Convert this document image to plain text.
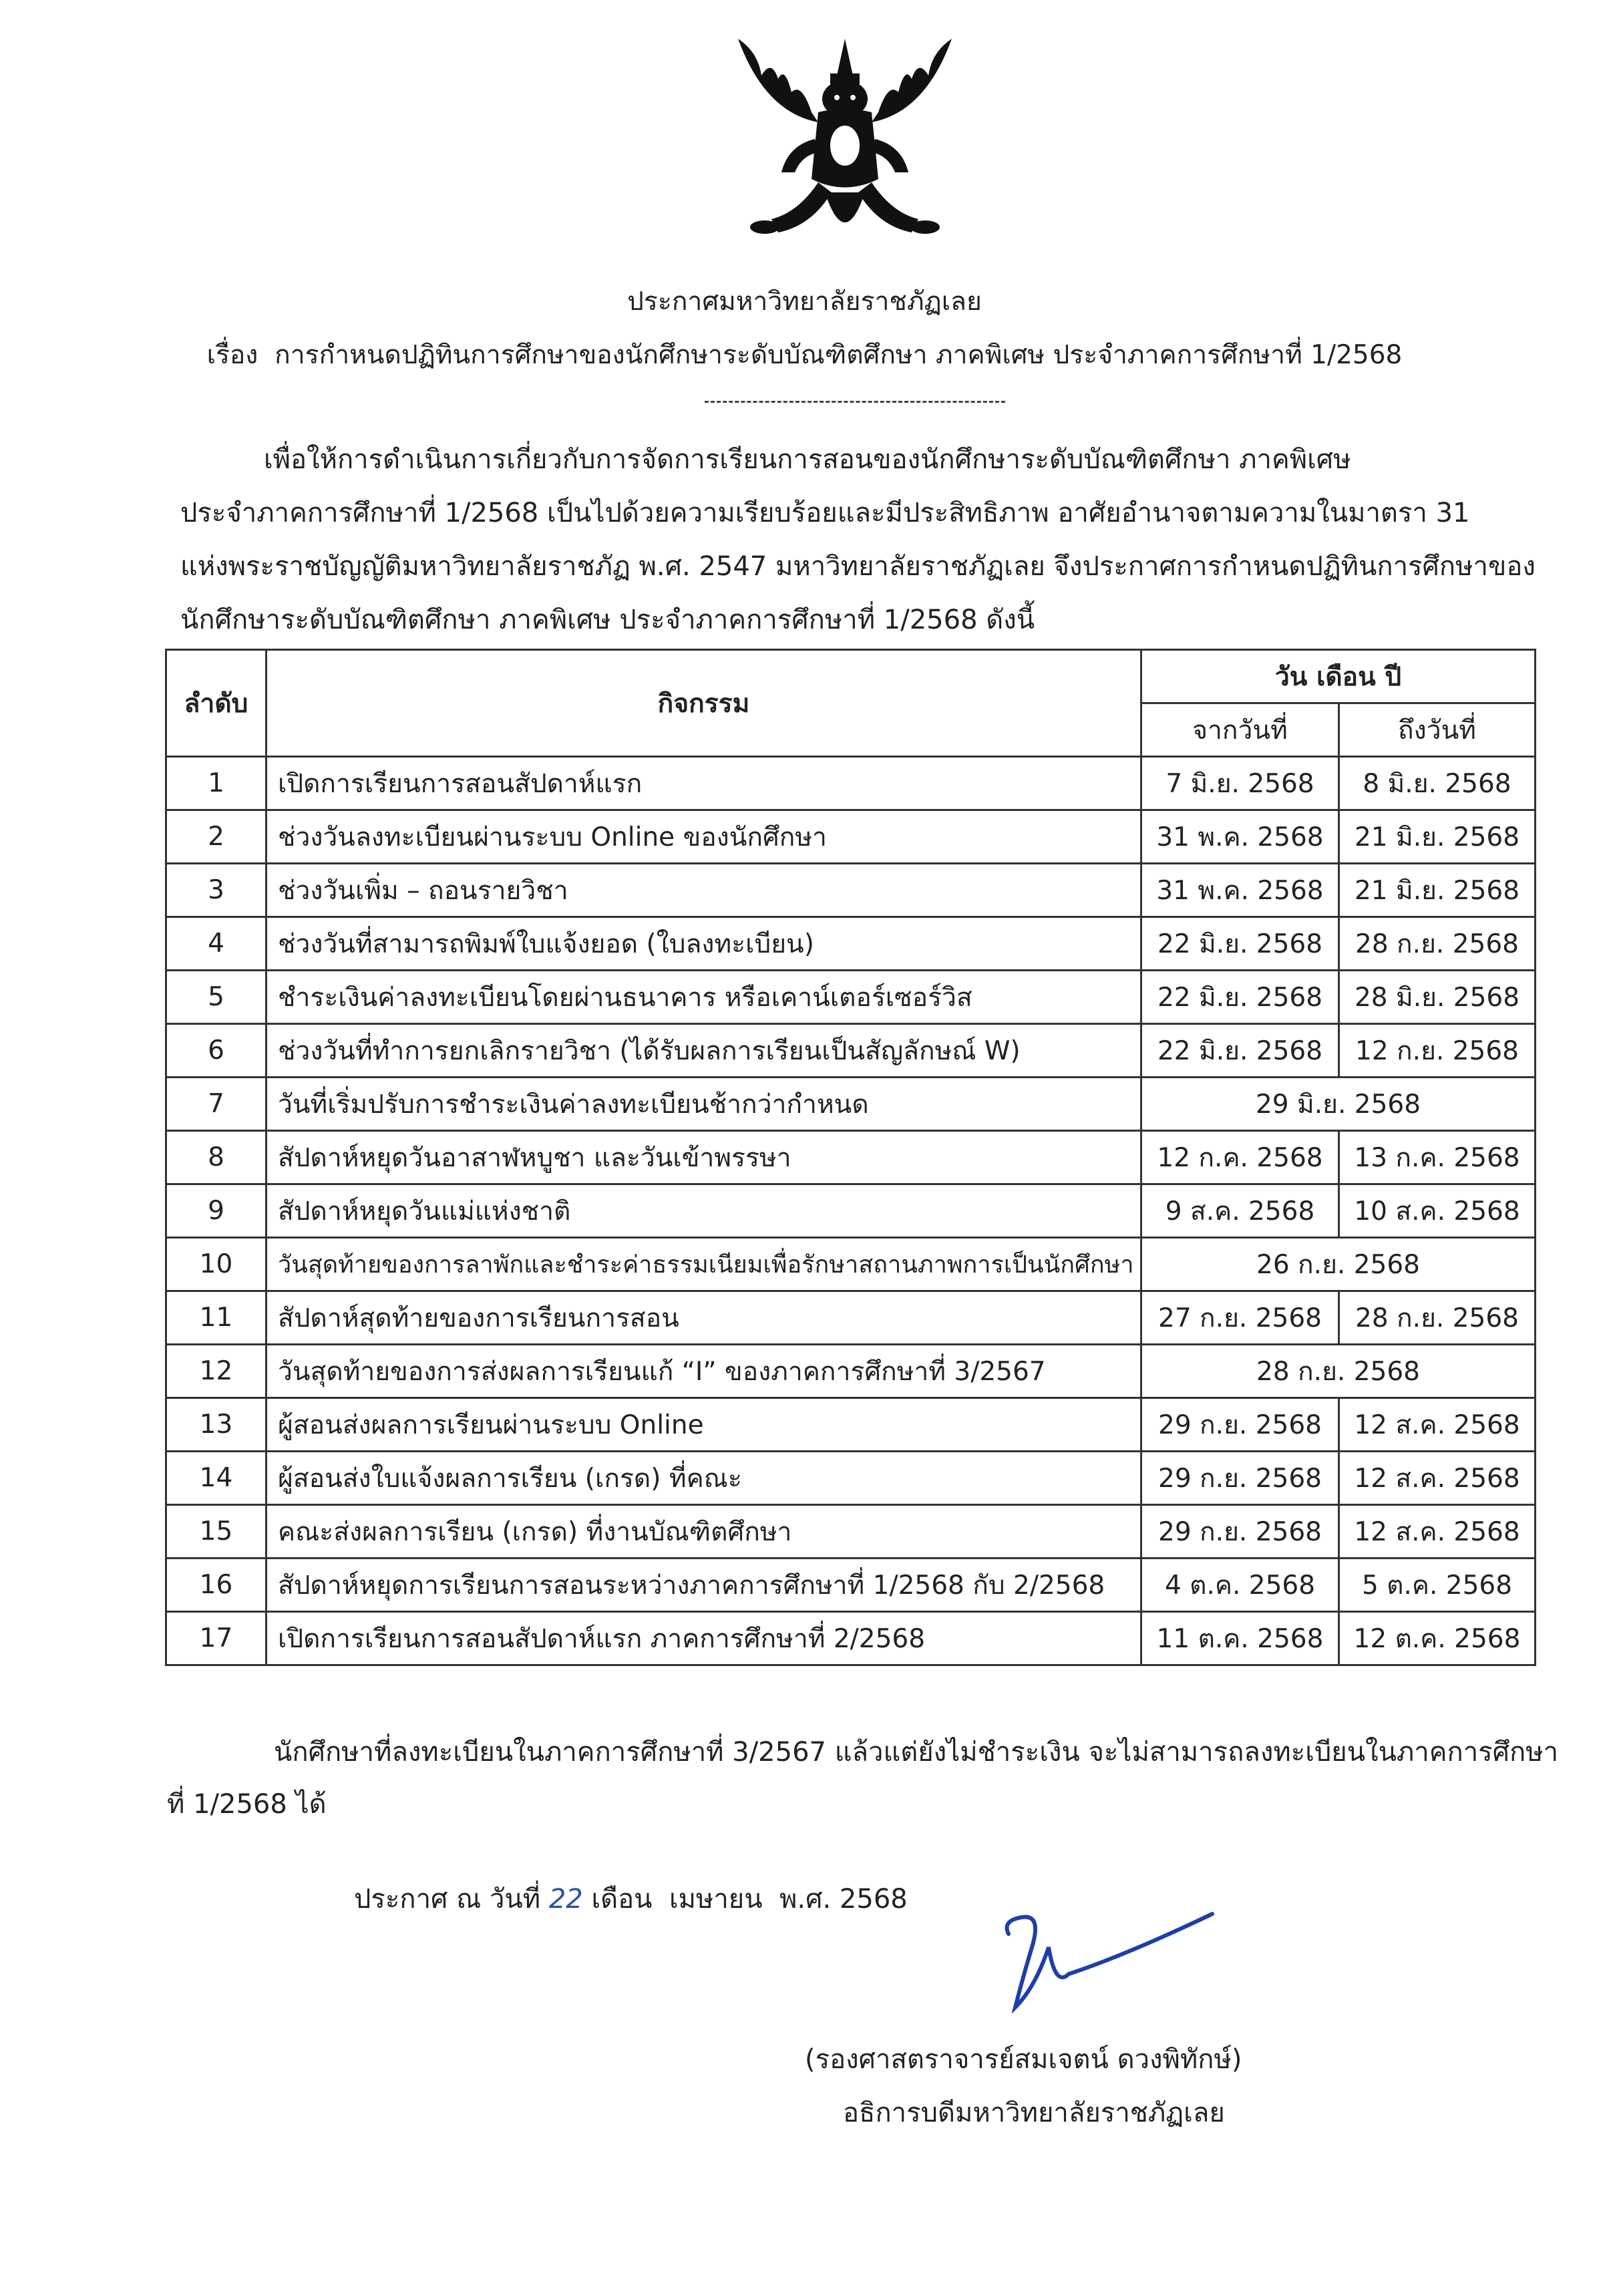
ประกาศมหาวิทยาลัยราชภัฏเลย
เรื่อง การกำหนดปฏิทินการศึกษาของนักศึกษาระดับบัณฑิตศึกษา ภาคพิเศษ ประจำภาคการศึกษาที่ 1/2568
เพื่อให้การดำเนินการเกี่ยวกับการจัดการเรียนการสอนของนักศึกษาระดับบัณฑิตศึกษา ภาคพิเศษ
ประจำภาคการศึกษาที่ 1/2568 เป็นไปด้วยความเรียบร้อยและมีประสิทธิภาพ อาศัยอำนาจตามความในมาตรา 31
แห่งพระราชบัญญัติมหาวิทยาลัยราชภัฏ พ.ศ. 2547 มหาวิทยาลัยราชภัฏเลย จึงประกาศการกำหนดปฏิทินการศึกษาของ
นักศึกษาระดับบัณฑิตศึกษา ภาคพิเศษ ประจำภาคการศึกษาที่ 1/2568 ดังนี้
ลำดับ	กิจกรรม	วัน เดือน ปี	
		จากวันที่	ถึงวันที่
1	เปิดการเรียนการสอนสัปดาห์แรก	7 มิ.ย. 2568	8 มิ.ย. 2568
2	ช่วงวันลงทะเบียนผ่านระบบ Online ของนักศึกษา	31 พ.ค. 2568	21 มิ.ย. 2568
3	ช่วงวันเพิ่ม – ถอนรายวิชา	31 พ.ค. 2568	21 มิ.ย. 2568
4	ช่วงวันที่สามารถพิมพ์ใบแจ้งยอด (ใบลงทะเบียน)	22 มิ.ย. 2568	28 ก.ย. 2568
5	ชำระเงินค่าลงทะเบียนโดยผ่านธนาคาร หรือเคาน์เตอร์เซอร์วิส	22 มิ.ย. 2568	28 มิ.ย. 2568
6	ช่วงวันที่ทำการยกเลิกรายวิชา (ได้รับผลการเรียนเป็นสัญลักษณ์ W)	22 มิ.ย. 2568	12 ก.ย. 2568
7	วันที่เริ่มปรับการชำระเงินค่าลงทะเบียนช้ากว่ากำหนด	29 มิ.ย. 2568	
8	สัปดาห์หยุดวันอาสาฬหบูชา และวันเข้าพรรษา	12 ก.ค. 2568	13 ก.ค. 2568
9	สัปดาห์หยุดวันแม่แห่งชาติ	9 ส.ค. 2568	10 ส.ค. 2568
10	วันสุดท้ายของการลาพักและชำระค่าธรรมเนียมเพื่อรักษาสถานภาพการเป็นนักศึกษา	26 ก.ย. 2568	
11	สัปดาห์สุดท้ายของการเรียนการสอน	27 ก.ย. 2568	28 ก.ย. 2568
12	วันสุดท้ายของการส่งผลการเรียนแก้ “I” ของภาคการศึกษาที่ 3/2567	28 ก.ย. 2568	
13	ผู้สอนส่งผลการเรียนผ่านระบบ Online	29 ก.ย. 2568	12 ส.ค. 2568
14	ผู้สอนส่งใบแจ้งผลการเรียน (เกรด) ที่คณะ	29 ก.ย. 2568	12 ส.ค. 2568
15	คณะส่งผลการเรียน (เกรด) ที่งานบัณฑิตศึกษา	29 ก.ย. 2568	12 ส.ค. 2568
16	สัปดาห์หยุดการเรียนการสอนระหว่างภาคการศึกษาที่ 1/2568 กับ 2/2568	4 ต.ค. 2568	5 ต.ค. 2568
17	เปิดการเรียนการสอนสัปดาห์แรก ภาคการศึกษาที่ 2/2568	11 ต.ค. 2568	12 ต.ค. 2568
นักศึกษาที่ลงทะเบียนในภาคการศึกษาที่ 3/2567 แล้วแต่ยังไม่ชำระเงิน จะไม่สามารถลงทะเบียนในภาคการศึกษา
ที่ 1/2568 ได้
ประกาศ ณ วันที่ 22 เดือน เมษายน พ.ศ. 2568
(รองศาสตราจารย์สมเจตน์ ดวงพิทักษ์)
อธิการบดีมหาวิทยาลัยราชภัฏเลย
